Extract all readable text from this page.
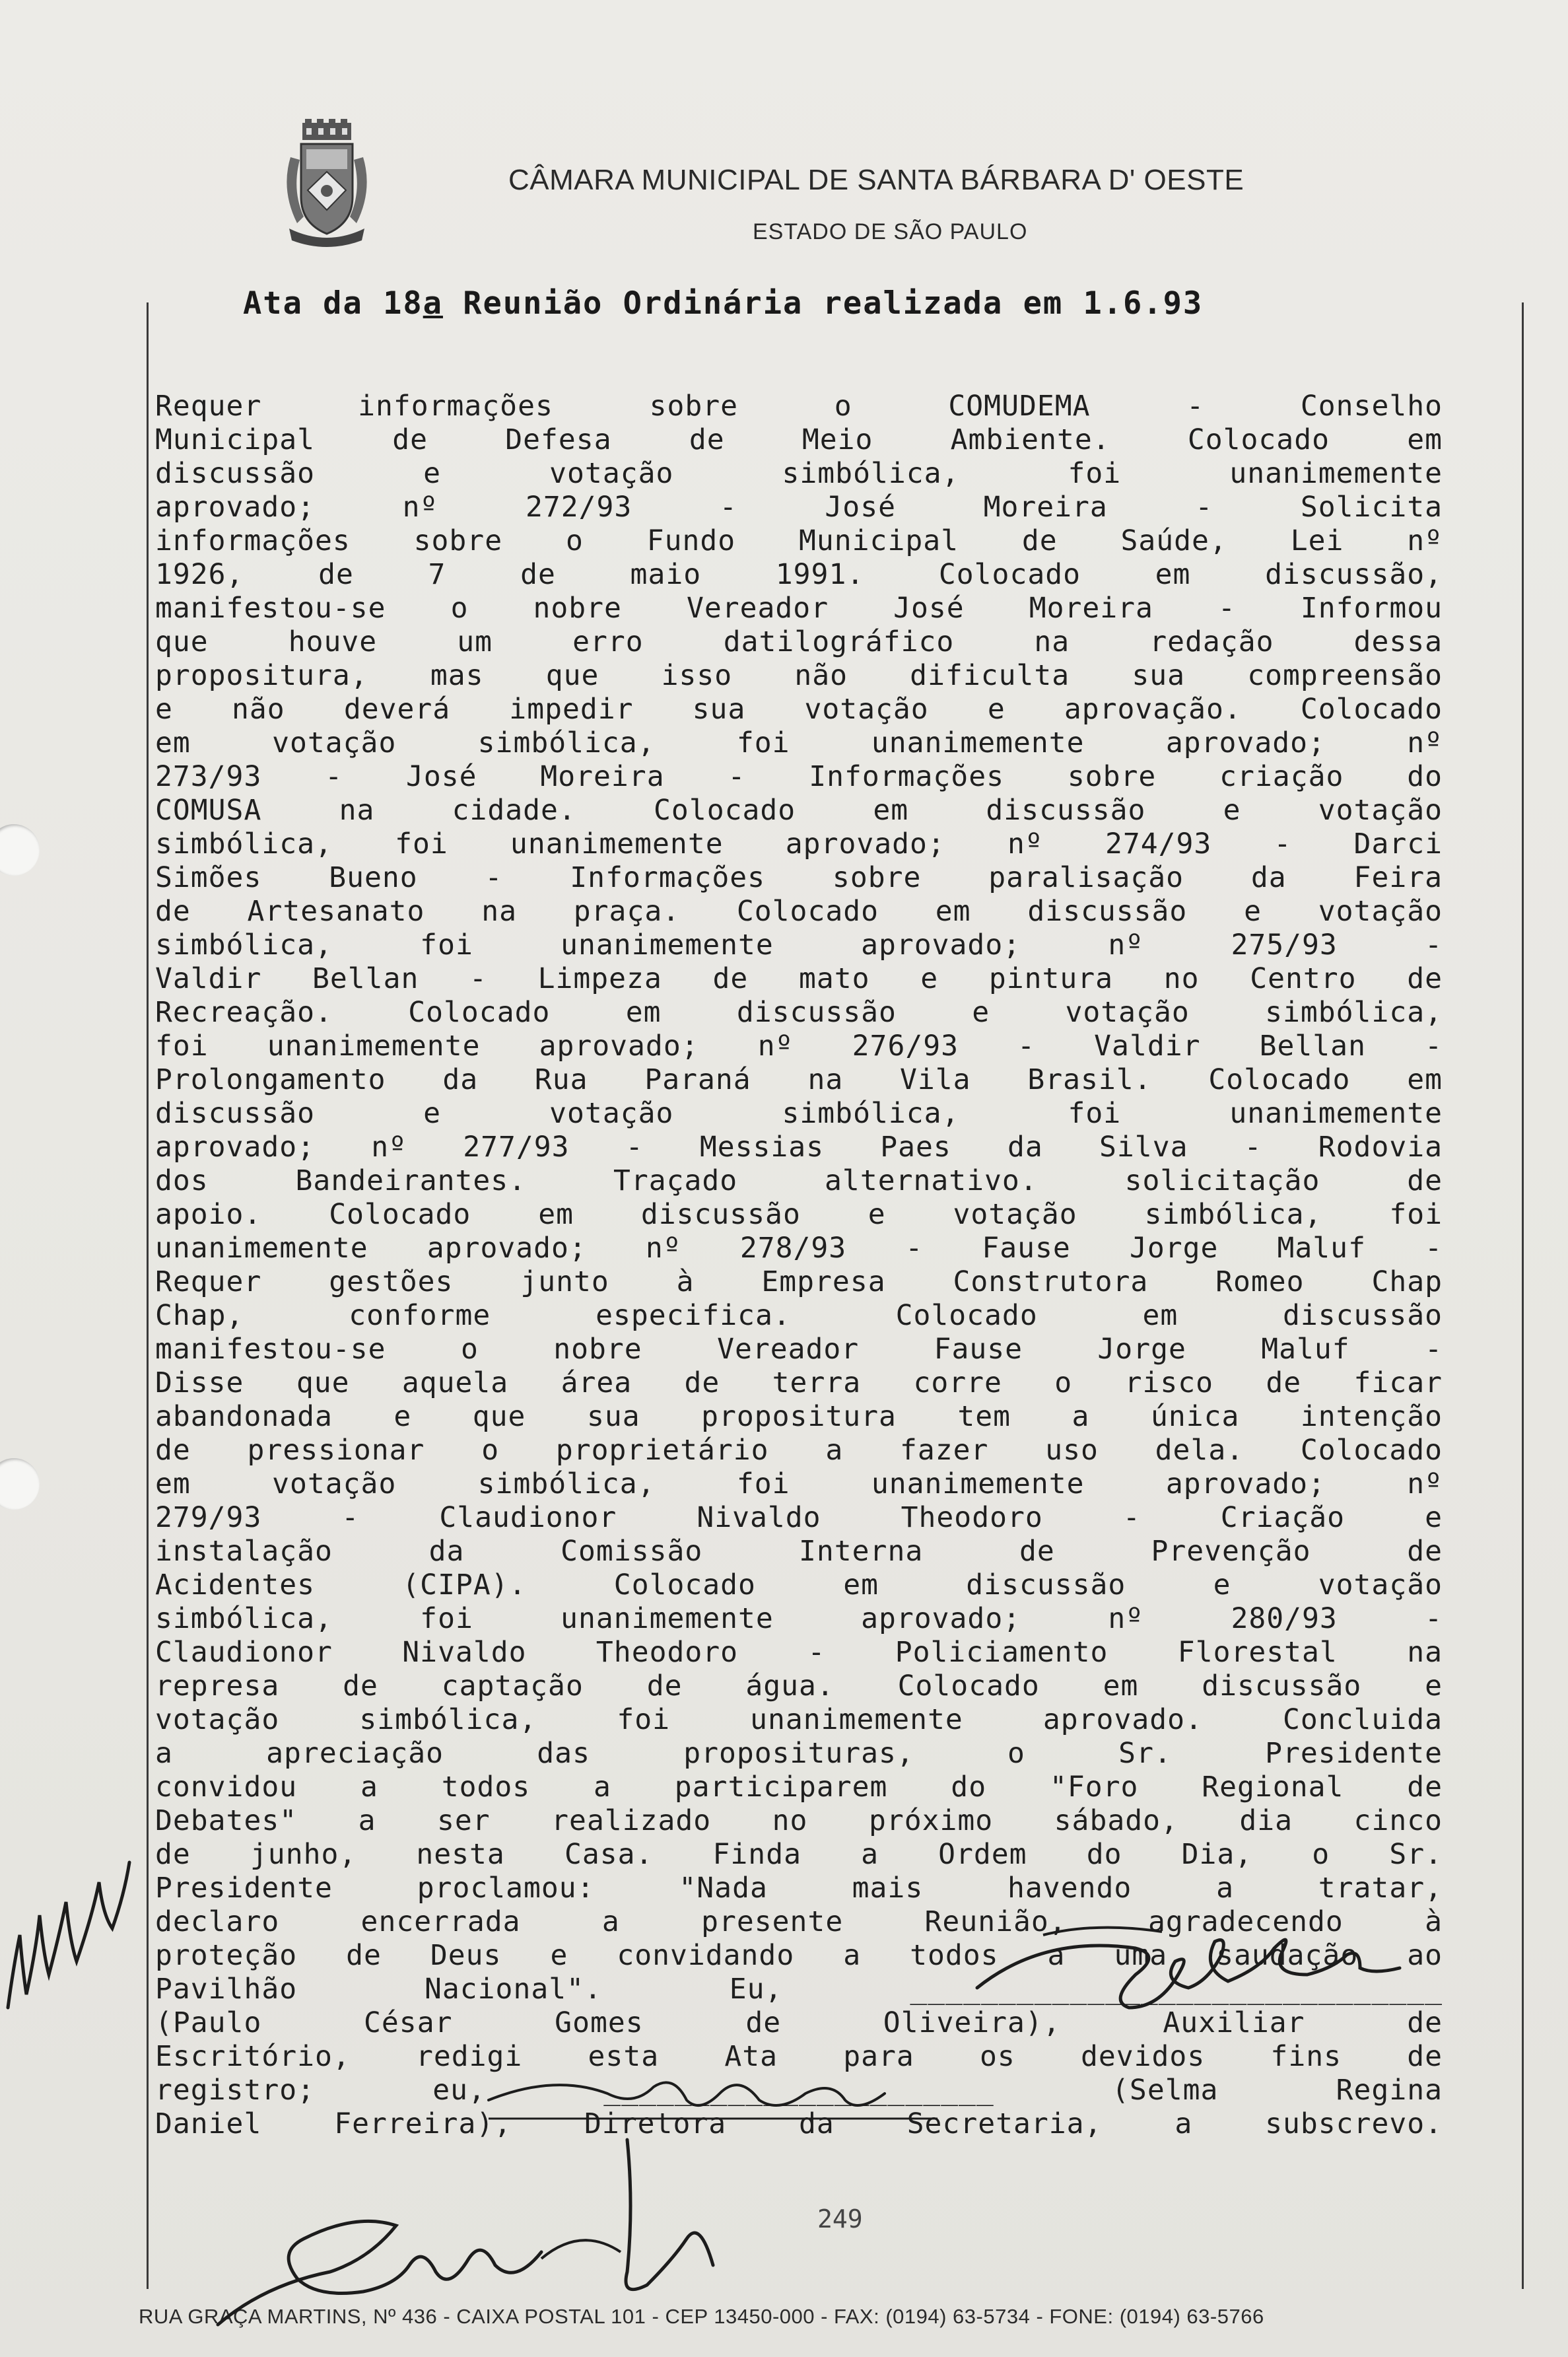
CÂMARA MUNICIPAL DE SANTA BÁRBARA D' OESTE
ESTADO DE SÃO PAULO
Ata da 18a Reunião Ordinária realizada em 1.6.93
Requer informações sobre o COMUDEMA - Conselho
Municipal de Defesa de Meio Ambiente. Colocado em
discussão e votação simbólica, foi unanimemente
aprovado; nº 272/93 - José Moreira - Solicita
informações sobre o Fundo Municipal de Saúde, Lei nº
1926, de 7 de maio 1991. Colocado em discussão,
manifestou-se o nobre Vereador José Moreira - Informou
que houve um erro datilográfico na redação dessa
propositura, mas que isso não dificulta sua compreensão
e não deverá impedir sua votação e aprovação. Colocado
em votação simbólica, foi unanimemente aprovado; nº
273/93 - José Moreira - Informações sobre criação do
COMUSA na cidade. Colocado em discussão e votação
simbólica, foi unanimemente aprovado; nº 274/93 - Darci
Simões Bueno - Informações sobre paralisação da Feira
de Artesanato na praça. Colocado em discussão e votação
simbólica, foi unanimemente aprovado; nº 275/93 -
Valdir Bellan - Limpeza de mato e pintura no Centro de
Recreação. Colocado em discussão e votação simbólica,
foi unanimemente aprovado; nº 276/93 - Valdir Bellan -
Prolongamento da Rua Paraná na Vila Brasil. Colocado em
discussão e votação simbólica, foi unanimemente
aprovado; nº 277/93 - Messias Paes da Silva - Rodovia
dos Bandeirantes. Traçado alternativo. solicitação de
apoio. Colocado em discussão e votação simbólica, foi
unanimemente aprovado; nº 278/93 - Fause Jorge Maluf -
Requer gestões junto à Empresa Construtora Romeo Chap
Chap, conforme especifica. Colocado em discussão
manifestou-se o nobre Vereador Fause Jorge Maluf -
Disse que aquela área de terra corre o risco de ficar
abandonada e que sua propositura tem a única intenção
de pressionar o proprietário a fazer uso dela. Colocado
em votação simbólica, foi unanimemente aprovado; nº
279/93 - Claudionor Nivaldo Theodoro - Criação e
instalação da Comissão Interna de Prevenção de
Acidentes (CIPA). Colocado em discussão e votação
simbólica, foi unanimemente aprovado; nº 280/93 -
Claudionor Nivaldo Theodoro - Policiamento Florestal na
represa de captação de água. Colocado em discussão e
votação simbólica, foi unanimemente aprovado. Concluida
a apreciação das proposituras, o Sr. Presidente
convidou a todos a participarem do "Foro Regional de
Debates" a ser realizado no próximo sábado, dia cinco
de junho, nesta Casa. Finda a Ordem do Dia, o Sr.
Presidente proclamou: "Nada mais havendo a tratar,
declaro encerrada a presente Reunião, agradecendo à
proteção de Deus e convidando a todos a uma saudação ao
Pavilhão Nacional". Eu, ______________________________
(Paulo César Gomes de Oliveira), Auxiliar de
Escritório, redigi esta Ata para os devidos fins de
registro; eu, ______________________ (Selma Regina
Daniel Ferreira), Diretora da Secretaria, a subscrevo.
249
RUA GRAÇA MARTINS, Nº 436 - CAIXA POSTAL 101 - CEP 13450-000 - FAX: (0194) 63-5734 - FONE: (0194) 63-5766
